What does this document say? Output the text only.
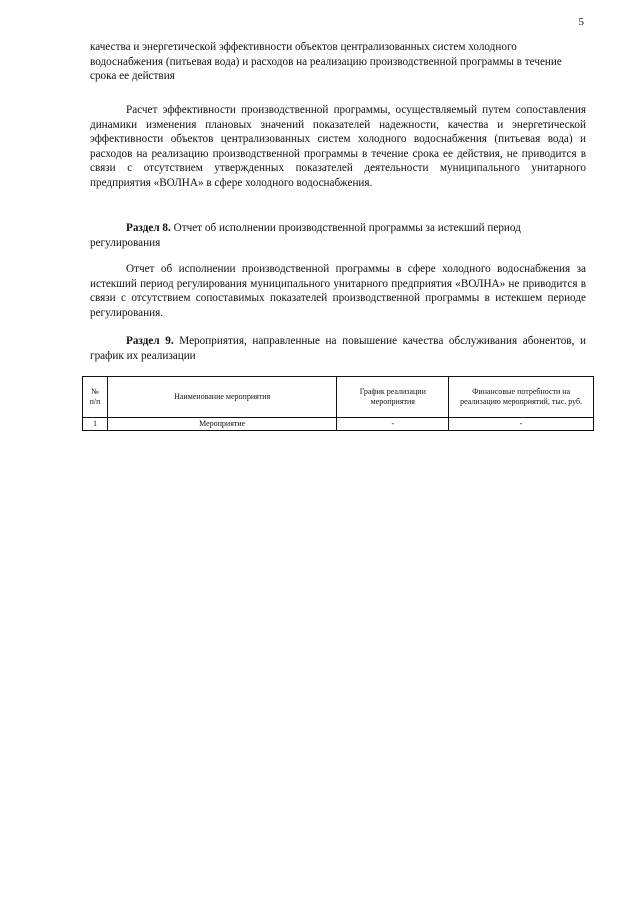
5

качества и энергетической эффективности объектов централизованных систем холодного водоснабжения (питьевая вода) и расходов на реализацию производственной программы в течение срока ее действия

Расчет эффективности производственной программы, осуществляемый путем сопоставления динамики изменения плановых значений показателей надежности, качества и энергетической эффективности объектов централизованных систем холодного водоснабжения (питьевая вода) и расходов на реализацию производственной программы в течение срока ее действия, не приводится в связи с отсутствием утвержденных показателей деятельности муниципального унитарного предприятия «ВОЛНА» в сфере холодного водоснабжения.

Раздел 8. Отчет об исполнении производственной программы за истекший период регулирования

Отчет об исполнении производственной программы в сфере холодного водоснабжения за истекший период регулирования муниципального унитарного предприятия «ВОЛНА» не приводится в связи с отсутствием сопоставимых показателей производственной программы в истекшем периоде регулирования.

Раздел 9. Мероприятия, направленные на повышение качества обслуживания абонентов, и график их реализации

№
п/п	Наименование мероприятия	График реализации мероприятия	Финансовые потребности на реализацию мероприятий, тыс. руб.
1	Мероприятие	-	-
